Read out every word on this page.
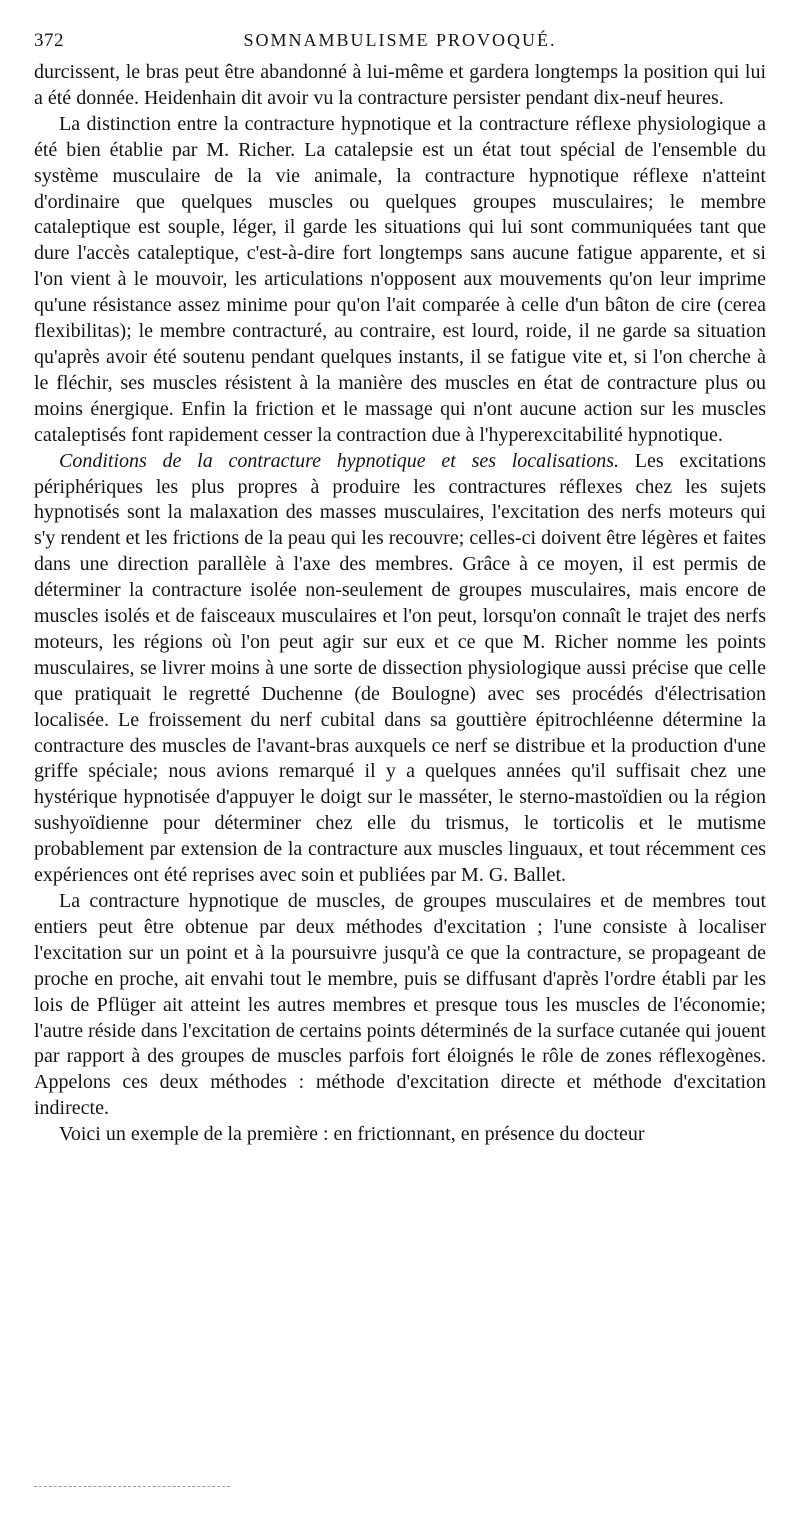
372	SOMNAMBULISME PROVOQUÉ.

durcissent, le bras peut être abandonné à lui-même et gardera longtemps la position qui lui a été donnée. Heidenhain dit avoir vu la contracture persister pendant dix-neuf heures.

La distinction entre la contracture hypnotique et la contracture réflexe physiologique a été bien établie par M. Richer. La catalepsie est un état tout spécial de l'ensemble du système musculaire de la vie animale, la contracture hypnotique réflexe n'atteint d'ordinaire que quelques muscles ou quelques groupes musculaires; le membre cataleptique est souple, léger, il garde les situations qui lui sont communiquées tant que dure l'accès cataleptique, c'est-à-dire fort longtemps sans aucune fatigue apparente, et si l'on vient à le mouvoir, les articulations n'opposent aux mouvements qu'on leur imprime qu'une résistance assez minime pour qu'on l'ait comparée à celle d'un bâton de cire (cerea flexibilitas); le membre contracturé, au contraire, est lourd, roide, il ne garde sa situation qu'après avoir été soutenu pendant quelques instants, il se fatigue vite et, si l'on cherche à le fléchir, ses muscles résistent à la manière des muscles en état de contracture plus ou moins énergique. Enfin la friction et le massage qui n'ont aucune action sur les muscles cataleptisés font rapidement cesser la contraction due à l'hyperexcitabilité hypnotique.

Conditions de la contracture hypnotique et ses localisations. Les excitations périphériques les plus propres à produire les contractures réflexes chez les sujets hypnotisés sont la malaxation des masses musculaires, l'excitation des nerfs moteurs qui s'y rendent et les frictions de la peau qui les recouvre; celles-ci doivent être légères et faites dans une direction parallèle à l'axe des membres. Grâce à ce moyen, il est permis de déterminer la contracture isolée non-seulement de groupes musculaires, mais encore de muscles isolés et de faisceaux musculaires et l'on peut, lorsqu'on connaît le trajet des nerfs moteurs, les régions où l'on peut agir sur eux et ce que M. Richer nomme les points musculaires, se livrer moins à une sorte de dissection physiologique aussi précise que celle que pratiquait le regretté Duchenne (de Boulogne) avec ses procédés d'électrisation localisée. Le froissement du nerf cubital dans sa gouttière épitrochléenne détermine la contracture des muscles de l'avant-bras auxquels ce nerf se distribue et la production d'une griffe spéciale; nous avions remarqué il y a quelques années qu'il suffisait chez une hystérique hypnotisée d'appuyer le doigt sur le masséter, le sterno-mastoïdien ou la région sushyoïdienne pour déterminer chez elle du trismus, le torticolis et le mutisme probablement par extension de la contracture aux muscles linguaux, et tout récemment ces expériences ont été reprises avec soin et publiées par M. G. Ballet.

La contracture hypnotique de muscles, de groupes musculaires et de membres tout entiers peut être obtenue par deux méthodes d'excitation ; l'une consiste à localiser l'excitation sur un point et à la poursuivre jusqu'à ce que la contracture, se propageant de proche en proche, ait envahi tout le membre, puis se diffusant d'après l'ordre établi par les lois de Pflüger ait atteint les autres membres et presque tous les muscles de l'économie; l'autre réside dans l'excitation de certains points déterminés de la surface cutanée qui jouent par rapport à des groupes de muscles parfois fort éloignés le rôle de zones réflexogènes. Appelons ces deux méthodes : méthode d'excitation directe et méthode d'excitation indirecte.

Voici un exemple de la première : en frictionnant, en présence du docteur
